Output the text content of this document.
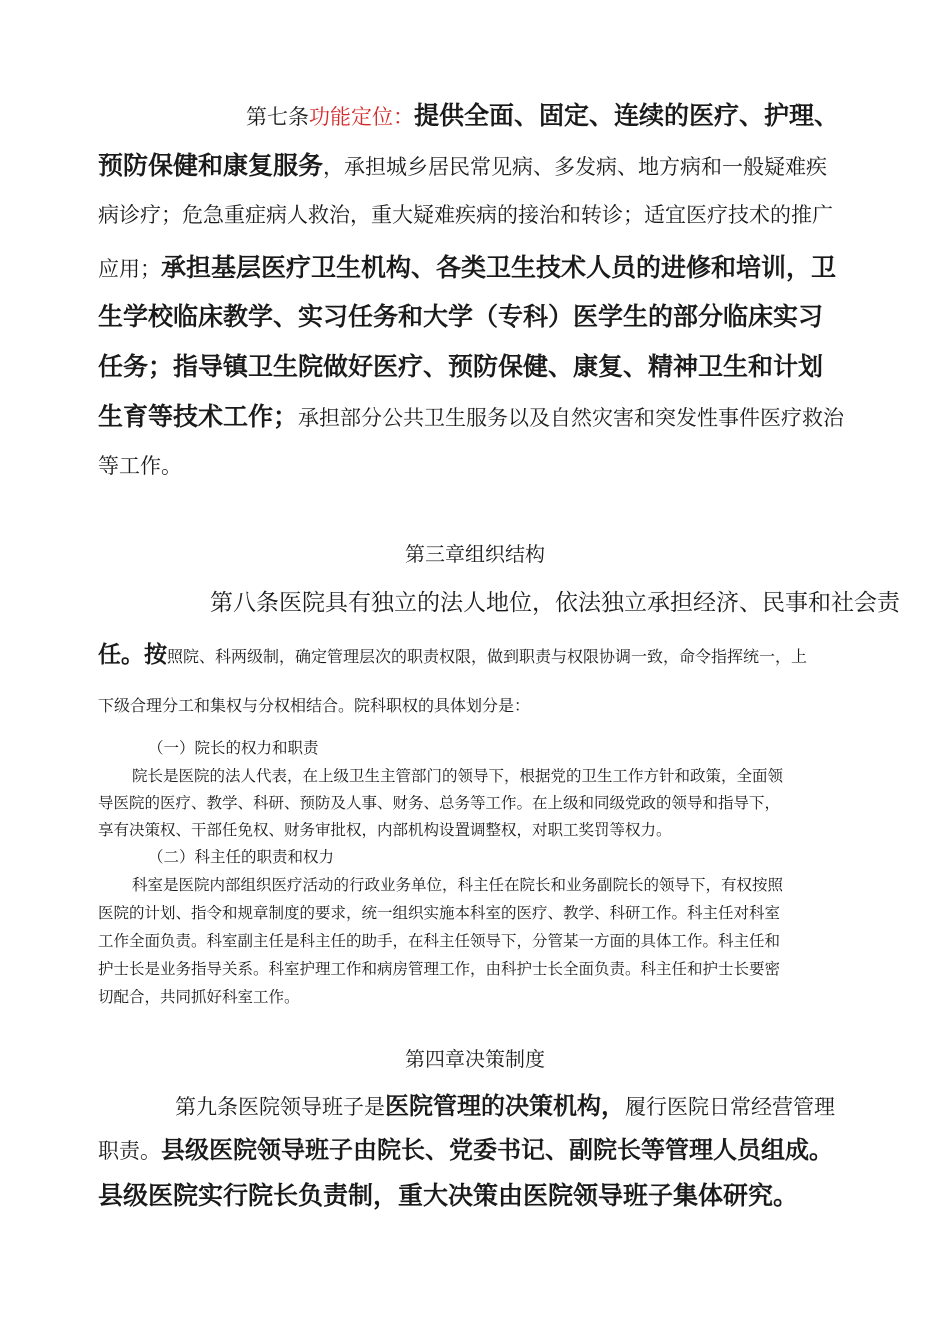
第七条功能定位：提供全面、固定、连续的医疗、护理、

预防保健和康复服务，承担城乡居民常见病、多发病、地方病和一般疑难疾

病诊疗；危急重症病人救治，重大疑难疾病的接治和转诊；适宜医疗技术的推广

应用；承担基层医疗卫生机构、各类卫生技术人员的进修和培训，卫

生学校临床教学、实习任务和大学（专科）医学生的部分临床实习

任务；指导镇卫生院做好医疗、预防保健、康复、精神卫生和计划

生育等技术工作；承担部分公共卫生服务以及自然灾害和突发性事件医疗救治

等工作。

第三章组织结构

第八条医院具有独立的法人地位，依法独立承担经济、民事和社会责

任。按照院、科两级制，确定管理层次的职责权限，做到职责与权限协调一致，命令指挥统一，上

下级合理分工和集权与分权相结合。院科职权的具体划分是：

（一）院长的权力和职责

院长是医院的法人代表，在上级卫生主管部门的领导下，根据党的卫生工作方针和政策，全面领

导医院的医疗、教学、科研、预防及人事、财务、总务等工作。在上级和同级党政的领导和指导下，

享有决策权、干部任免权、财务审批权，内部机构设置调整权，对职工奖罚等权力。

（二）科主任的职责和权力

科室是医院内部组织医疗活动的行政业务单位，科主任在院长和业务副院长的领导下，有权按照

医院的计划、指令和规章制度的要求，统一组织实施本科室的医疗、教学、科研工作。科主任对科室

工作全面负责。科室副主任是科主任的助手，在科主任领导下，分管某一方面的具体工作。科主任和

护士长是业务指导关系。科室护理工作和病房管理工作，由科护士长全面负责。科主任和护士长要密

切配合，共同抓好科室工作。

第四章决策制度

第九条医院领导班子是医院管理的决策机构，履行医院日常经营管理

职责。县级医院领导班子由院长、党委书记、副院长等管理人员组成。

县级医院实行院长负责制，重大决策由医院领导班子集体研究。
